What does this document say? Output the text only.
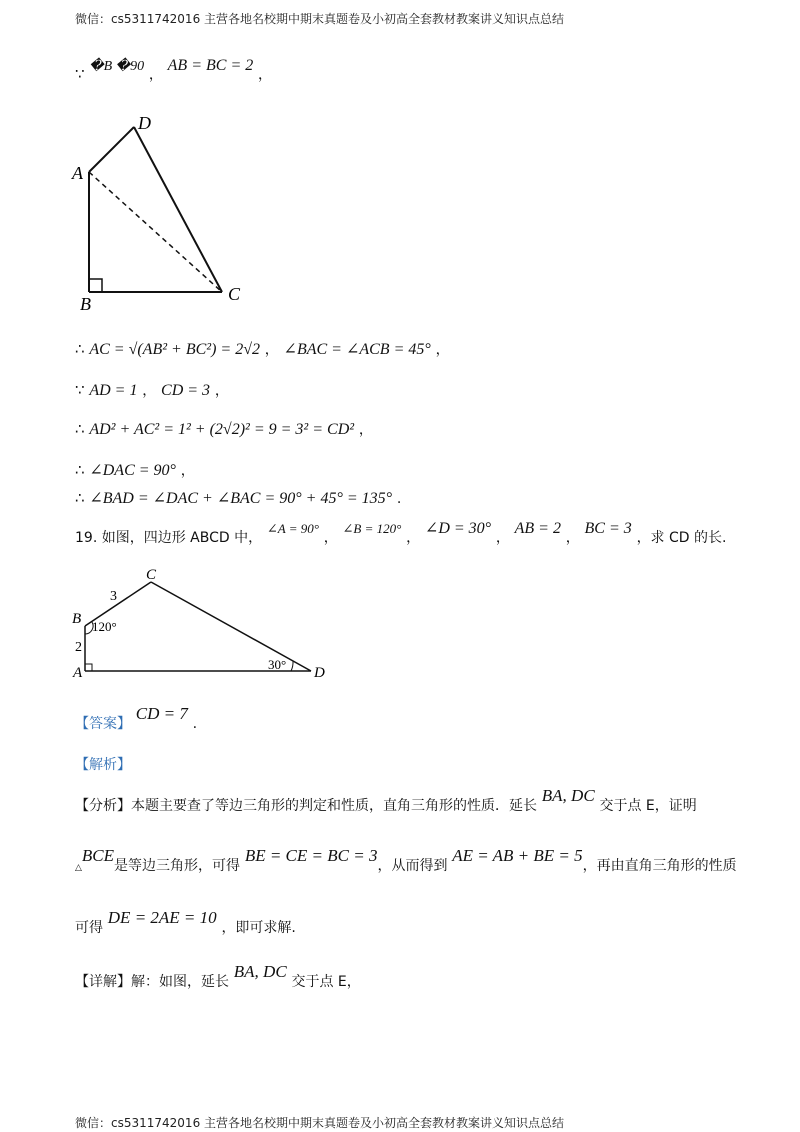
微信：cs5311742016 主营各地名校期中期末真题卷及小初高全套教材教案讲义知识点总结
∵ �B �90 ， AB = BC = 2 ，
A
B	C
D
∴ AC = √(AB² + BC²) = 2√2 ， ∠BAC = ∠ACB = 45° ，
∵ AD = 1 ， CD = 3 ，
∴ AD² + AC² = 1² + (2√2)² = 9 = 3² = CD² ，
∴ ∠DAC = 90° ，
∴ ∠BAD = ∠DAC + ∠BAC = 90° + 45° = 135° .
19. 如图，四边形 ABCD 中， ∠A = 90° ， ∠B = 120° ， ∠D = 30° ， AB = 2 ， BC = 3 ，求 CD 的长.
A
B
C
D
3
2
120°
30°
【答案】 CD = 7 .
【解析】
【分析】本题主要查了等边三角形的判定和性质，直角三角形的性质．延长 BA, DC 交于点 E，证明
△BCE是等边三角形，可得 BE = CE = BC = 3，从而得到 AE = AB + BE = 5，再由直角三角形的性质
可得 DE = 2AE = 10 ，即可求解.
【详解】解：如图，延长 BA, DC 交于点 E，
微信：cs5311742016 主营各地名校期中期末真题卷及小初高全套教材教案讲义知识点总结
